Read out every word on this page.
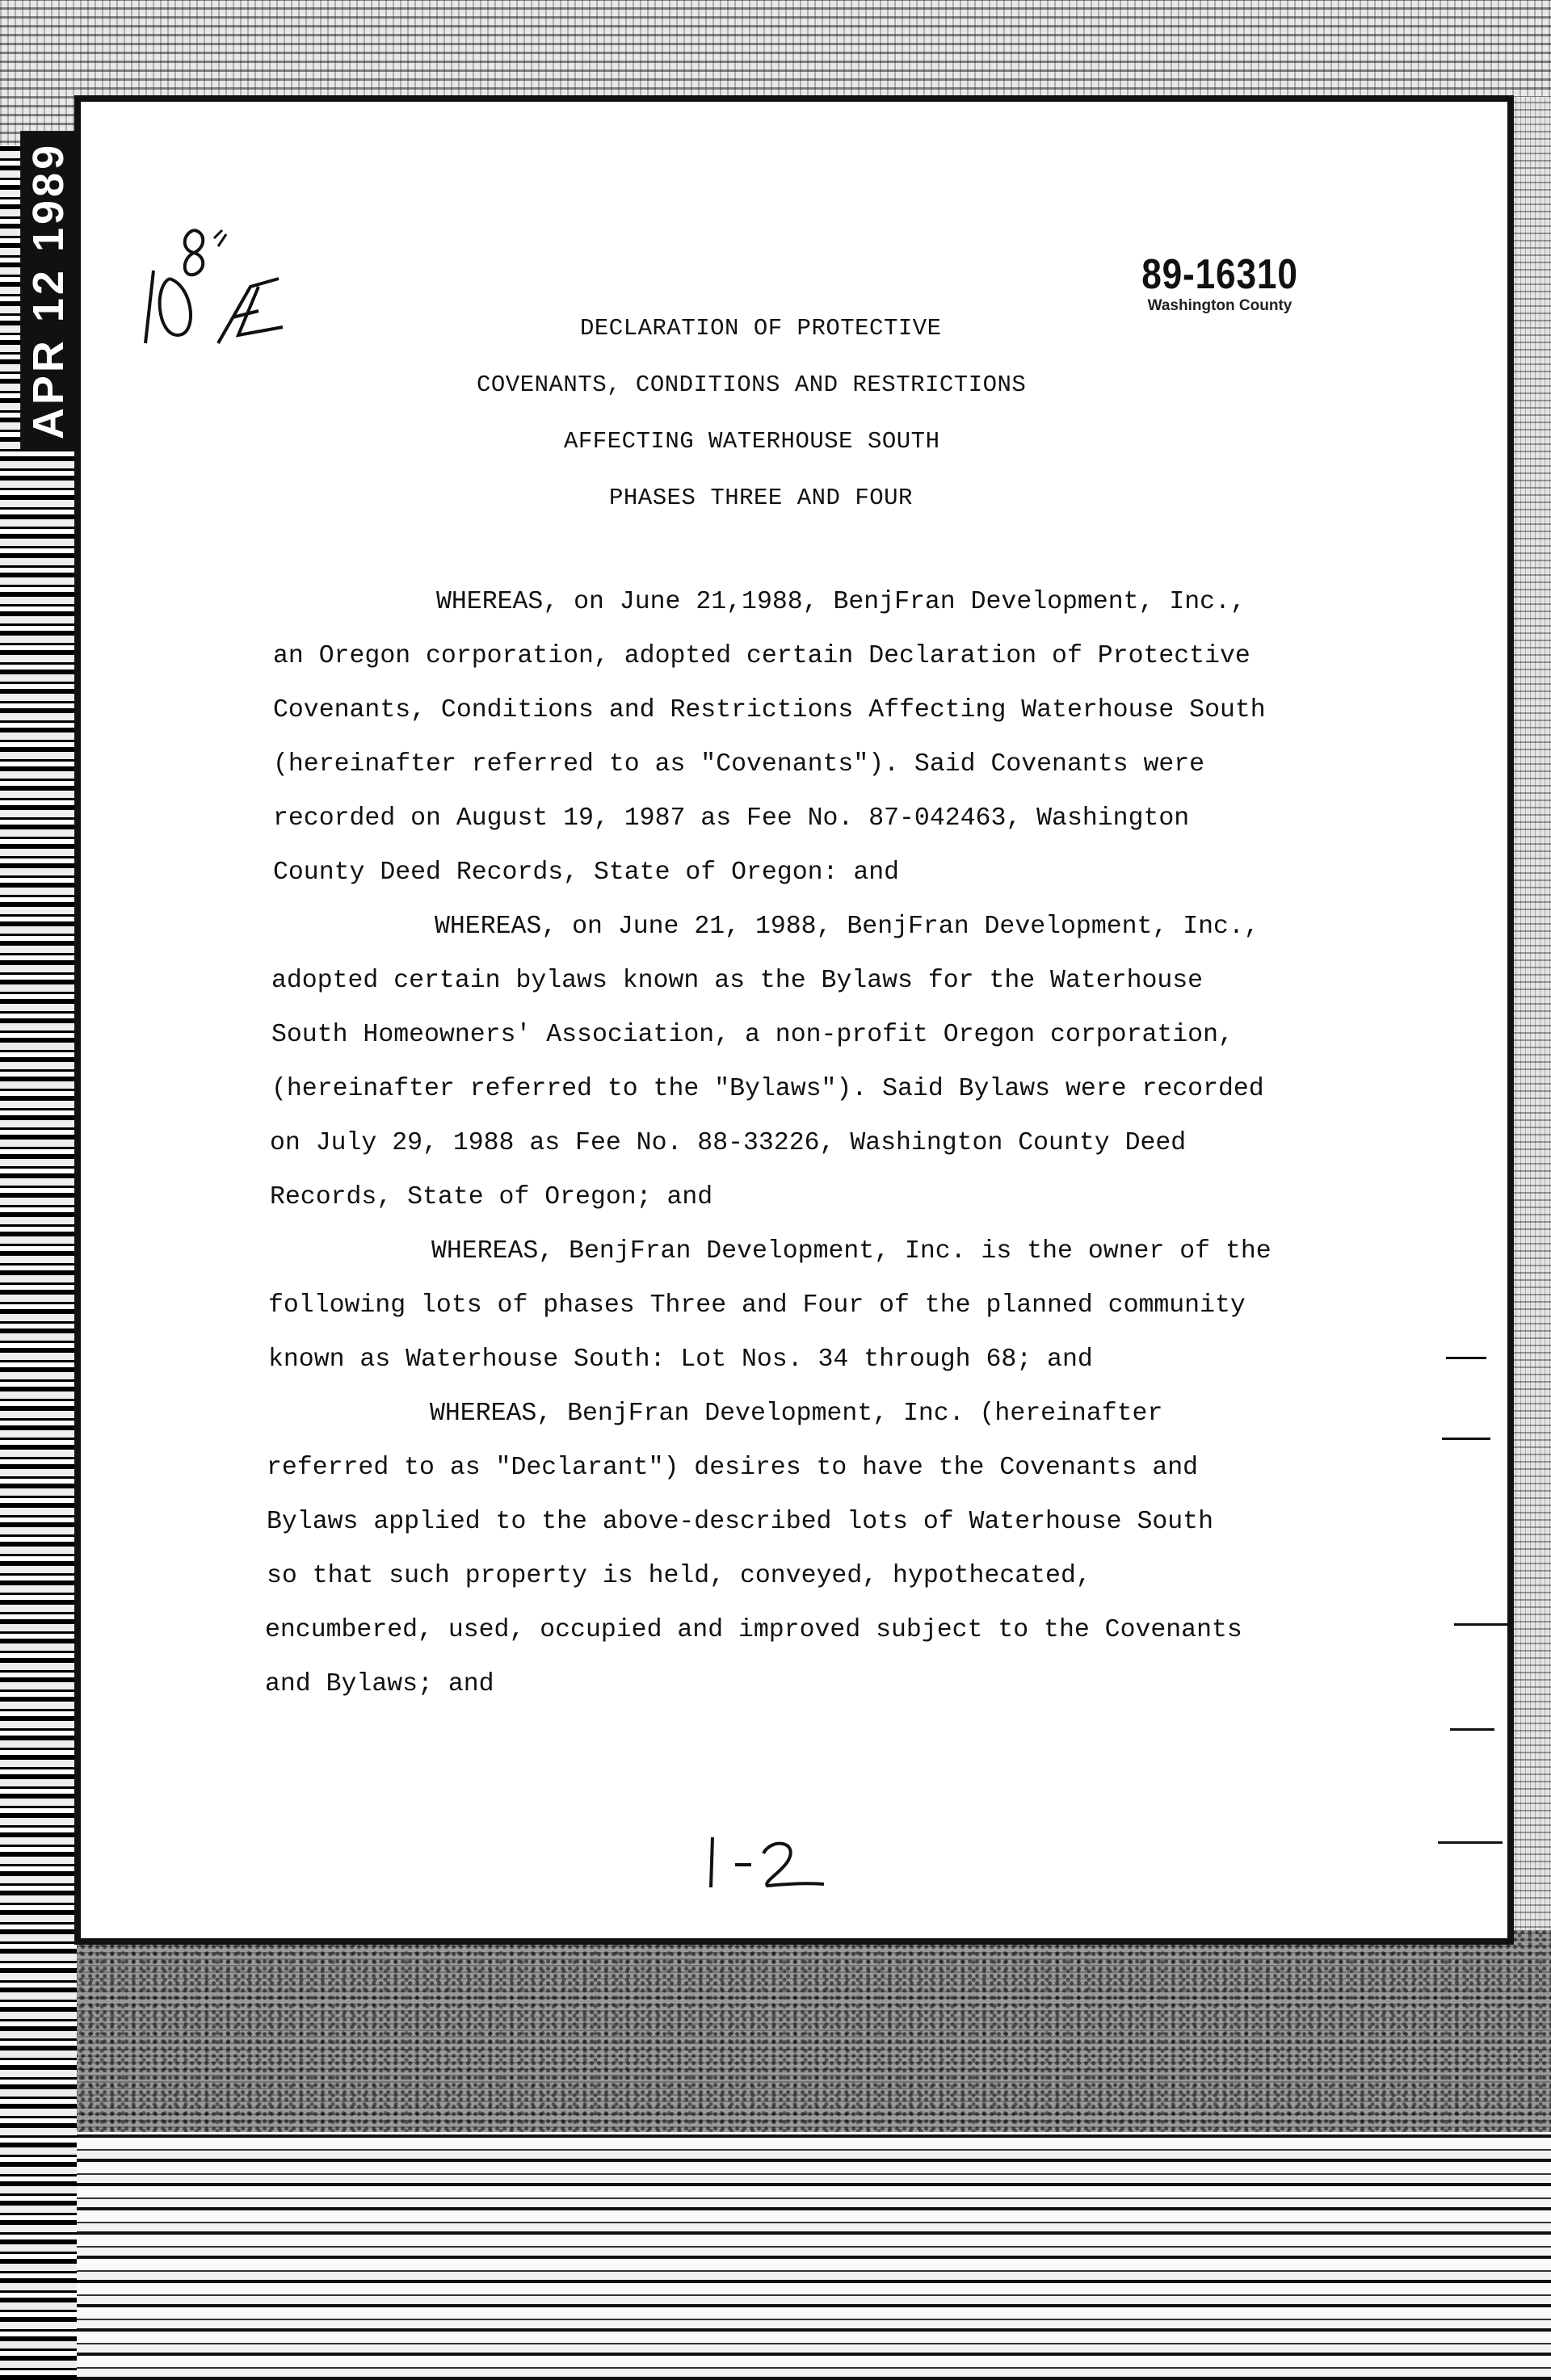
APR 12 1989	89-16310
Washington County
DECLARATION OF PROTECTIVE
COVENANTS, CONDITIONS AND RESTRICTIONS
AFFECTING WATERHOUSE SOUTH
PHASES THREE AND FOUR
WHEREAS, on June 21,1988, BenjFran Development, Inc.,
an Oregon corporation, adopted certain Declaration of Protective
Covenants, Conditions and Restrictions Affecting Waterhouse South
(hereinafter referred to as "Covenants"). Said Covenants were
recorded on August 19, 1987 as Fee No. 87-042463, Washington
County Deed Records, State of Oregon: and
WHEREAS, on June 21, 1988, BenjFran Development, Inc.,
adopted certain bylaws known as the Bylaws for the Waterhouse
South Homeowners' Association, a non-profit Oregon corporation,
(hereinafter referred to the "Bylaws"). Said Bylaws were recorded
on July 29, 1988 as Fee No. 88-33226, Washington County Deed
Records, State of Oregon; and
WHEREAS, BenjFran Development, Inc. is the owner of the
following lots of phases Three and Four of the planned community
known as Waterhouse South: Lot Nos. 34 through 68; and
WHEREAS, BenjFran Development, Inc. (hereinafter
referred to as "Declarant") desires to have the Covenants and
Bylaws applied to the above-described lots of Waterhouse South
so that such property is held, conveyed, hypothecated,
encumbered, used, occupied and improved subject to the Covenants
and Bylaws; and
